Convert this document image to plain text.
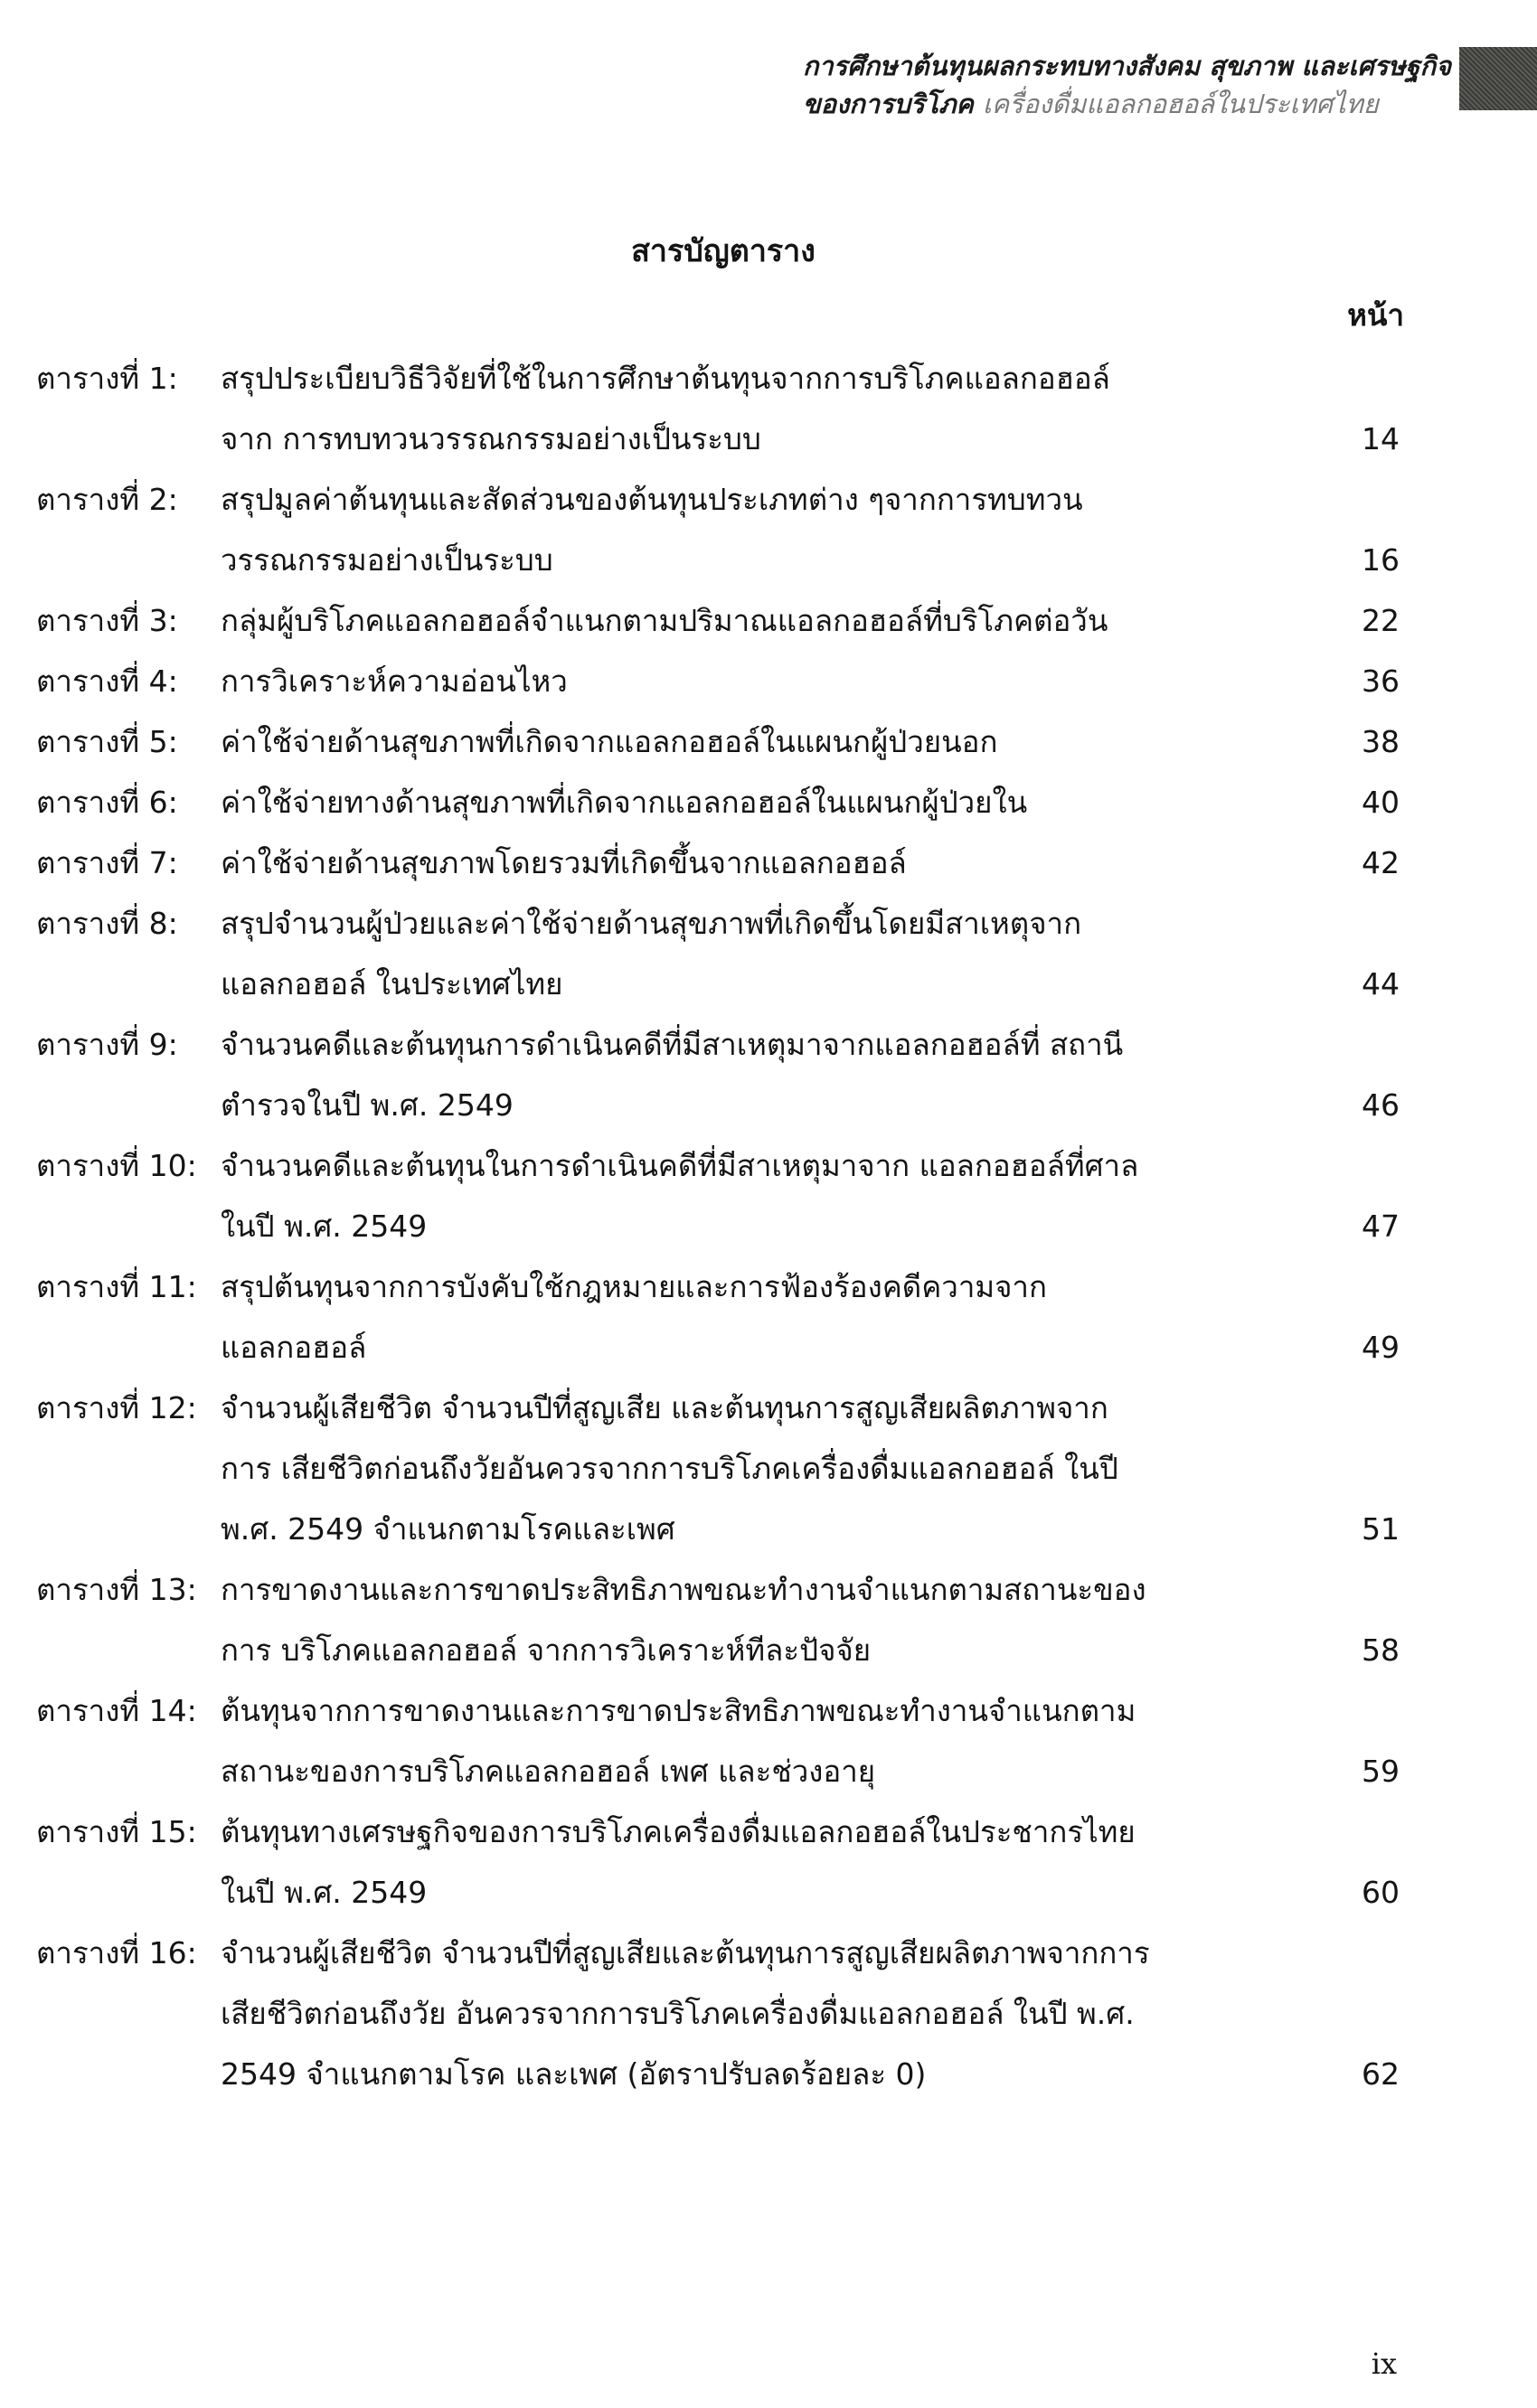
การศึกษาต้นทุนผลกระทบทางสังคม สุขภาพ และเศรษฐกิจ
ของการบริโภค เครื่องดื่มแอลกอฮอล์ในประเทศไทย
สารบัญตาราง
หน้า
ตารางที่ 1:	สรุปประเบียบวิธีวิจัยที่ใช้ในการศึกษาต้นทุนจากการบริโภคแอลกอฮอล์จาก การทบทวนวรรณกรรมอย่างเป็นระบบ	14
ตารางที่ 2:	สรุปมูลค่าต้นทุนและสัดส่วนของต้นทุนประเภทต่าง ๆจากการทบทวน วรรณกรรมอย่างเป็นระบบ	16
ตารางที่ 3:	กลุ่มผู้บริโภคแอลกอฮอล์จำแนกตามปริมาณแอลกอฮอล์ที่บริโภคต่อวัน	22
ตารางที่ 4:	การวิเคราะห์ความอ่อนไหว	36
ตารางที่ 5:	ค่าใช้จ่ายด้านสุขภาพที่เกิดจากแอลกอฮอล์ในแผนกผู้ป่วยนอก	38
ตารางที่ 6:	ค่าใช้จ่ายทางด้านสุขภาพที่เกิดจากแอลกอฮอล์ในแผนกผู้ป่วยใน	40
ตารางที่ 7:	ค่าใช้จ่ายด้านสุขภาพโดยรวมที่เกิดขึ้นจากแอลกอฮอล์	42
ตารางที่ 8:	สรุปจำนวนผู้ป่วยและค่าใช้จ่ายด้านสุขภาพที่เกิดขึ้นโดยมีสาเหตุจาก แอลกอฮอล์ ในประเทศไทย	44
ตารางที่ 9:	จำนวนคดีและต้นทุนการดำเนินคดีที่มีสาเหตุมาจากแอลกอฮอล์ที่ สถานีตำรวจในปี พ.ศ. 2549	46
ตารางที่ 10: จำนวนคดีและต้นทุนในการดำเนินคดีที่มีสาเหตุมาจาก แอลกอฮอล์ที่ศาลในปี พ.ศ. 2549	47
ตารางที่ 11: สรุปต้นทุนจากการบังคับใช้กฎหมายและการฟ้องร้องคดีความจาก แอลกอฮอล์	49
ตารางที่ 12: จำนวนผู้เสียชีวิต จำนวนปีที่สูญเสีย และต้นทุนการสูญเสียผลิตภาพจากการ เสียชีวิตก่อนถึงวัยอันควรจากการบริโภคเครื่องดื่มแอลกอฮอล์ ในปี พ.ศ. 2549 จำแนกตามโรคและเพศ	51
ตารางที่ 13: การขาดงานและการขาดประสิทธิภาพขณะทำงานจำแนกตามสถานะของการ บริโภคแอลกอฮอล์ จากการวิเคราะห์ทีละปัจจัย	58
ตารางที่ 14: ต้นทุนจากการขาดงานและการขาดประสิทธิภาพขณะทำงานจำแนกตาม สถานะของการบริโภคแอลกอฮอล์ เพศ และช่วงอายุ	59
ตารางที่ 15: ต้นทุนทางเศรษฐกิจของการบริโภคเครื่องดื่มแอลกอฮอล์ในประชากรไทยในปี พ.ศ. 2549	60
ตารางที่ 16: จำนวนผู้เสียชีวิต จำนวนปีที่สูญเสียและต้นทุนการสูญเสียผลิตภาพจากการ เสียชีวิตก่อนถึงวัย อันควรจากการบริโภคเครื่องดื่มแอลกอฮอล์ ในปี พ.ศ. 2549 จำแนกตามโรค และเพศ (อัตราปรับลดร้อยละ 0)	62
ix
